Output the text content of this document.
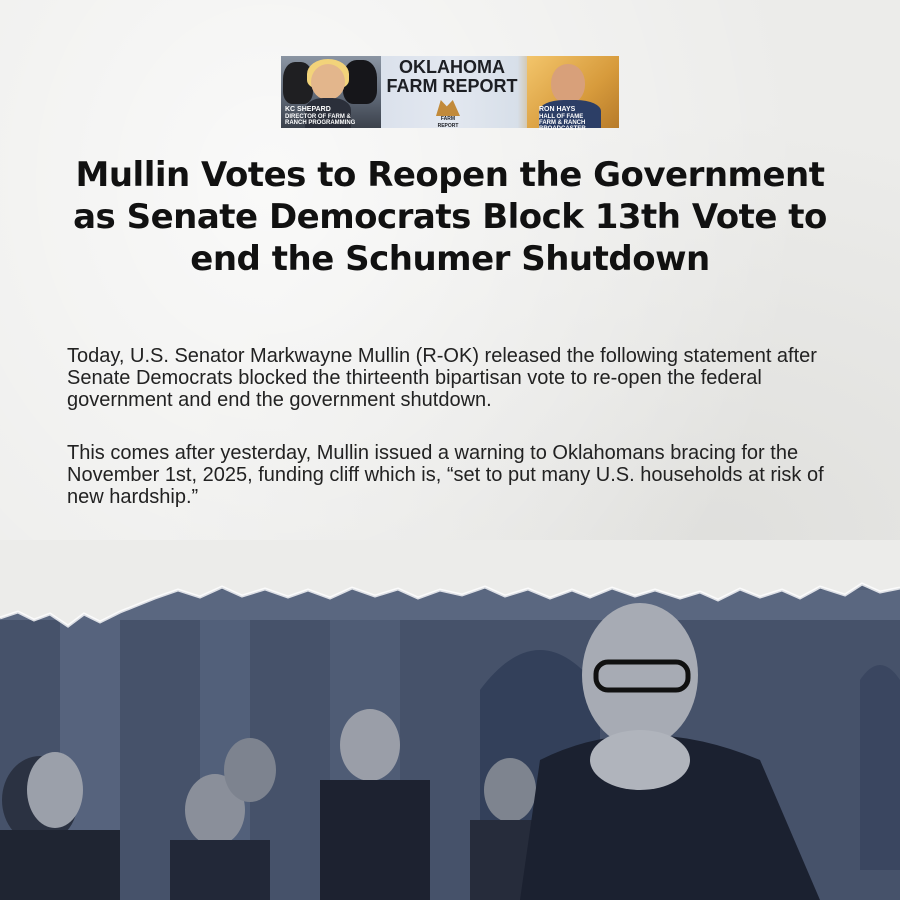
KC SHEPARD
DIRECTOR OF FARM &
RANCH PROGRAMMING
OKLAHOMA
FARM REPORT
FARM REPORT
RON HAYS
HALL OF FAME
FARM & RANCH BROADCASTER
Mullin Votes to Reopen the Government as Senate Democrats Block 13th Vote to end the Schumer Shutdown

Today, U.S. Senator Markwayne Mullin (R-OK) released the following statement after Senate Democrats blocked the thirteenth bipartisan vote to re-open the federal government and end the government shutdown.

This comes after yesterday, Mullin issued a warning to Oklahomans bracing for the November 1st, 2025, funding cliff which is, “set to put many U.S. households at risk of new hardship.”
